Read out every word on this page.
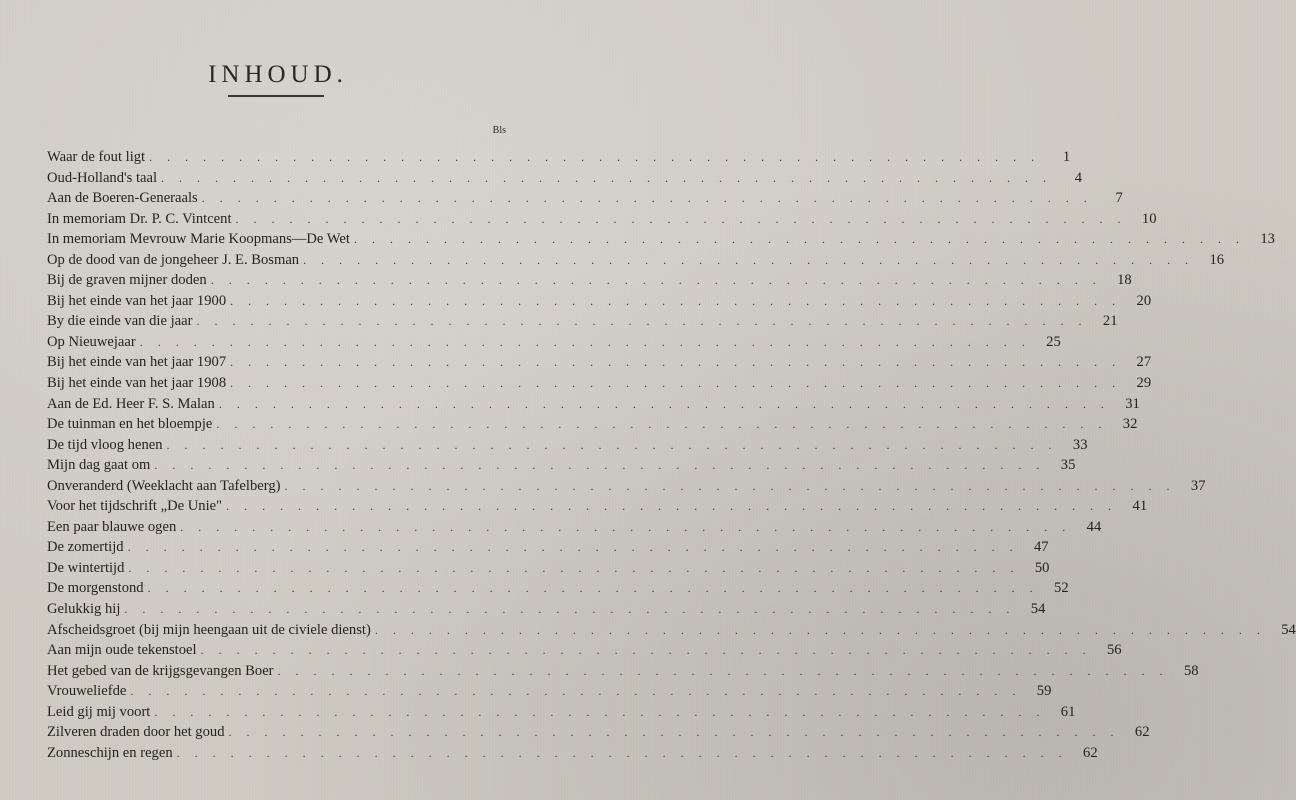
INHOUD.
Bls
Waar de fout ligt . . . . . . . . . . . . . . . . . . . . . . . . . . . . . . . . . . . . . . . . . . . . . . . . . .	1
Oud-Holland's taal . . . . . . . . . . . . . . . . . . . . . . . . . . . . . . . . . . . . . . . . . . . . . . . . . .	4
Aan de Boeren-Generaals . . . . . . . . . . . . . . . . . . . . . . . . . . . . . . . . . . . . . . . . . . . . . . . . . .	7
In memoriam Dr. P. C. Vintcent . . . . . . . . . . . . . . . . . . . . . . . . . . . . . . . . . . . . . . . . . . . . . . . . . .	10
In memoriam Mevrouw Marie Koopmans—De Wet . . . . . . . . . . . . . . . . . . . . . . . . . . . . . . . . . . . . . . . . . . . . . . . . . .	13
Op de dood van de jongeheer J. E. Bosman . . . . . . . . . . . . . . . . . . . . . . . . . . . . . . . . . . . . . . . . . . . . . . . . . .	16
Bij de graven mijner doden . . . . . . . . . . . . . . . . . . . . . . . . . . . . . . . . . . . . . . . . . . . . . . . . . .	18
Bij het einde van het jaar 1900 . . . . . . . . . . . . . . . . . . . . . . . . . . . . . . . . . . . . . . . . . . . . . . . . . .	20
By die einde van die jaar . . . . . . . . . . . . . . . . . . . . . . . . . . . . . . . . . . . . . . . . . . . . . . . . . .	21
Op Nieuwejaar . . . . . . . . . . . . . . . . . . . . . . . . . . . . . . . . . . . . . . . . . . . . . . . . . .	25
Bij het einde van het jaar 1907 . . . . . . . . . . . . . . . . . . . . . . . . . . . . . . . . . . . . . . . . . . . . . . . . . .	27
Bij het einde van het jaar 1908 . . . . . . . . . . . . . . . . . . . . . . . . . . . . . . . . . . . . . . . . . . . . . . . . . .	29
Aan de Ed. Heer F. S. Malan . . . . . . . . . . . . . . . . . . . . . . . . . . . . . . . . . . . . . . . . . . . . . . . . . .	31
De tuinman en het bloempje . . . . . . . . . . . . . . . . . . . . . . . . . . . . . . . . . . . . . . . . . . . . . . . . . .	32
De tijd vloog henen . . . . . . . . . . . . . . . . . . . . . . . . . . . . . . . . . . . . . . . . . . . . . . . . . .	33
Mijn dag gaat om . . . . . . . . . . . . . . . . . . . . . . . . . . . . . . . . . . . . . . . . . . . . . . . . . .	35
Onveranderd (Weeklacht aan Tafelberg) . . . . . . . . . . . . . . . . . . . . . . . . . . . . . . . . . . . . . . . . . . . . . . . . . .	37
Voor het tijdschrift „De Unie" . . . . . . . . . . . . . . . . . . . . . . . . . . . . . . . . . . . . . . . . . . . . . . . . . .	41
Een paar blauwe ogen . . . . . . . . . . . . . . . . . . . . . . . . . . . . . . . . . . . . . . . . . . . . . . . . . .	44
De zomertijd . . . . . . . . . . . . . . . . . . . . . . . . . . . . . . . . . . . . . . . . . . . . . . . . . .	47
De wintertijd . . . . . . . . . . . . . . . . . . . . . . . . . . . . . . . . . . . . . . . . . . . . . . . . . .	50
De morgenstond . . . . . . . . . . . . . . . . . . . . . . . . . . . . . . . . . . . . . . . . . . . . . . . . . .	52
Gelukkig hij . . . . . . . . . . . . . . . . . . . . . . . . . . . . . . . . . . . . . . . . . . . . . . . . . .	54
Afscheidsgroet (bij mijn heengaan uit de civiele dienst) . . . . . . . . . . . . . . . . . . . . . . . . . . . . . . . . . . . . . . . . . . . . . . . . . .	54
Aan mijn oude tekenstoel . . . . . . . . . . . . . . . . . . . . . . . . . . . . . . . . . . . . . . . . . . . . . . . . . .	56
Het gebed van de krijgsgevangen Boer . . . . . . . . . . . . . . . . . . . . . . . . . . . . . . . . . . . . . . . . . . . . . . . . . .	58
Vrouweliefde . . . . . . . . . . . . . . . . . . . . . . . . . . . . . . . . . . . . . . . . . . . . . . . . . .	59
Leid gij mij voort . . . . . . . . . . . . . . . . . . . . . . . . . . . . . . . . . . . . . . . . . . . . . . . . . .	61
Zilveren draden door het goud . . . . . . . . . . . . . . . . . . . . . . . . . . . . . . . . . . . . . . . . . . . . . . . . . .	62
Zonneschijn en regen . . . . . . . . . . . . . . . . . . . . . . . . . . . . . . . . . . . . . . . . . . . . . . . . . .	62
